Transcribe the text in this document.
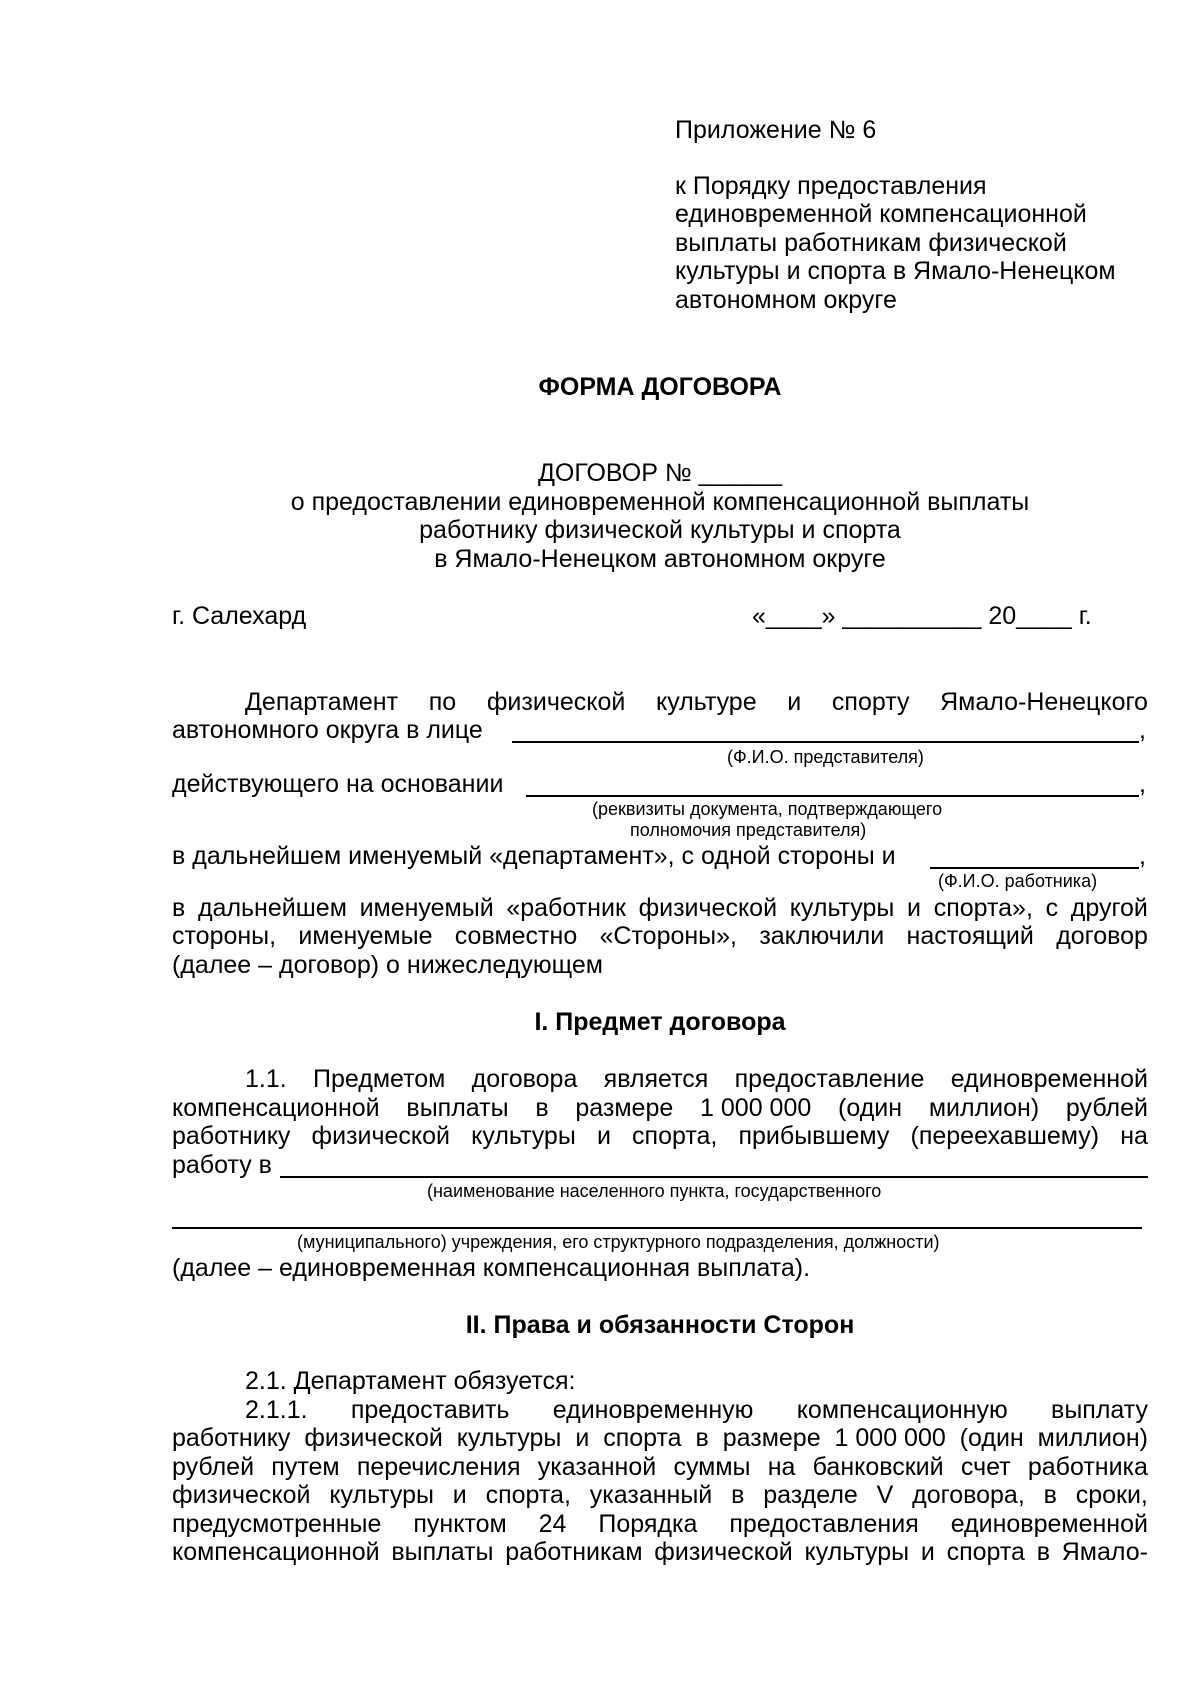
Приложение № 6
к Порядку предоставления
единовременной компенсационной
выплаты работникам физической
культуры и спорта в Ямало-Ненецком
автономном округе
ФОРМА ДОГОВОРА
ДОГОВОР № ______
о предоставлении единовременной компенсационной выплаты
работнику физической культуры и спорта
в Ямало-Ненецком автономном округе
г. Салехард	«____» __________ 20____ г.
Департамент по физической культуре и спорту Ямало-Ненецкого
автономного округа в лице	,
(Ф.И.О. представителя)
действующего на основании	,
(реквизиты документа, подтверждающего
полномочия представителя)
в дальнейшем именуемый «департамент», с одной стороны и	,
(Ф.И.О. работника)
в дальнейшем именуемый «работник физической культуры и спорта», с другой
стороны, именуемые совместно «Стороны», заключили настоящий договор
(далее – договор) о нижеследующем
I. Предмет договора
1.1. Предметом договора является предоставление единовременной
компенсационной выплаты в размере 1 000 000 (один миллион) рублей
работнику физической культуры и спорта, прибывшему (переехавшему) на
работу в
(наименование населенного пункта, государственного
(муниципального) учреждения, его структурного подразделения, должности)
(далее – единовременная компенсационная выплата).
II. Права и обязанности Сторон
2.1. Департамент обязуется:
2.1.1. предоставить единовременную компенсационную выплату
работнику физической культуры и спорта в размере 1 000 000 (один миллион)
рублей путем перечисления указанной суммы на банковский счет работника
физической культуры и спорта, указанный в разделе V договора, в сроки,
предусмотренные пунктом 24 Порядка предоставления единовременной
компенсационной выплаты работникам физической культуры и спорта в Ямало-
